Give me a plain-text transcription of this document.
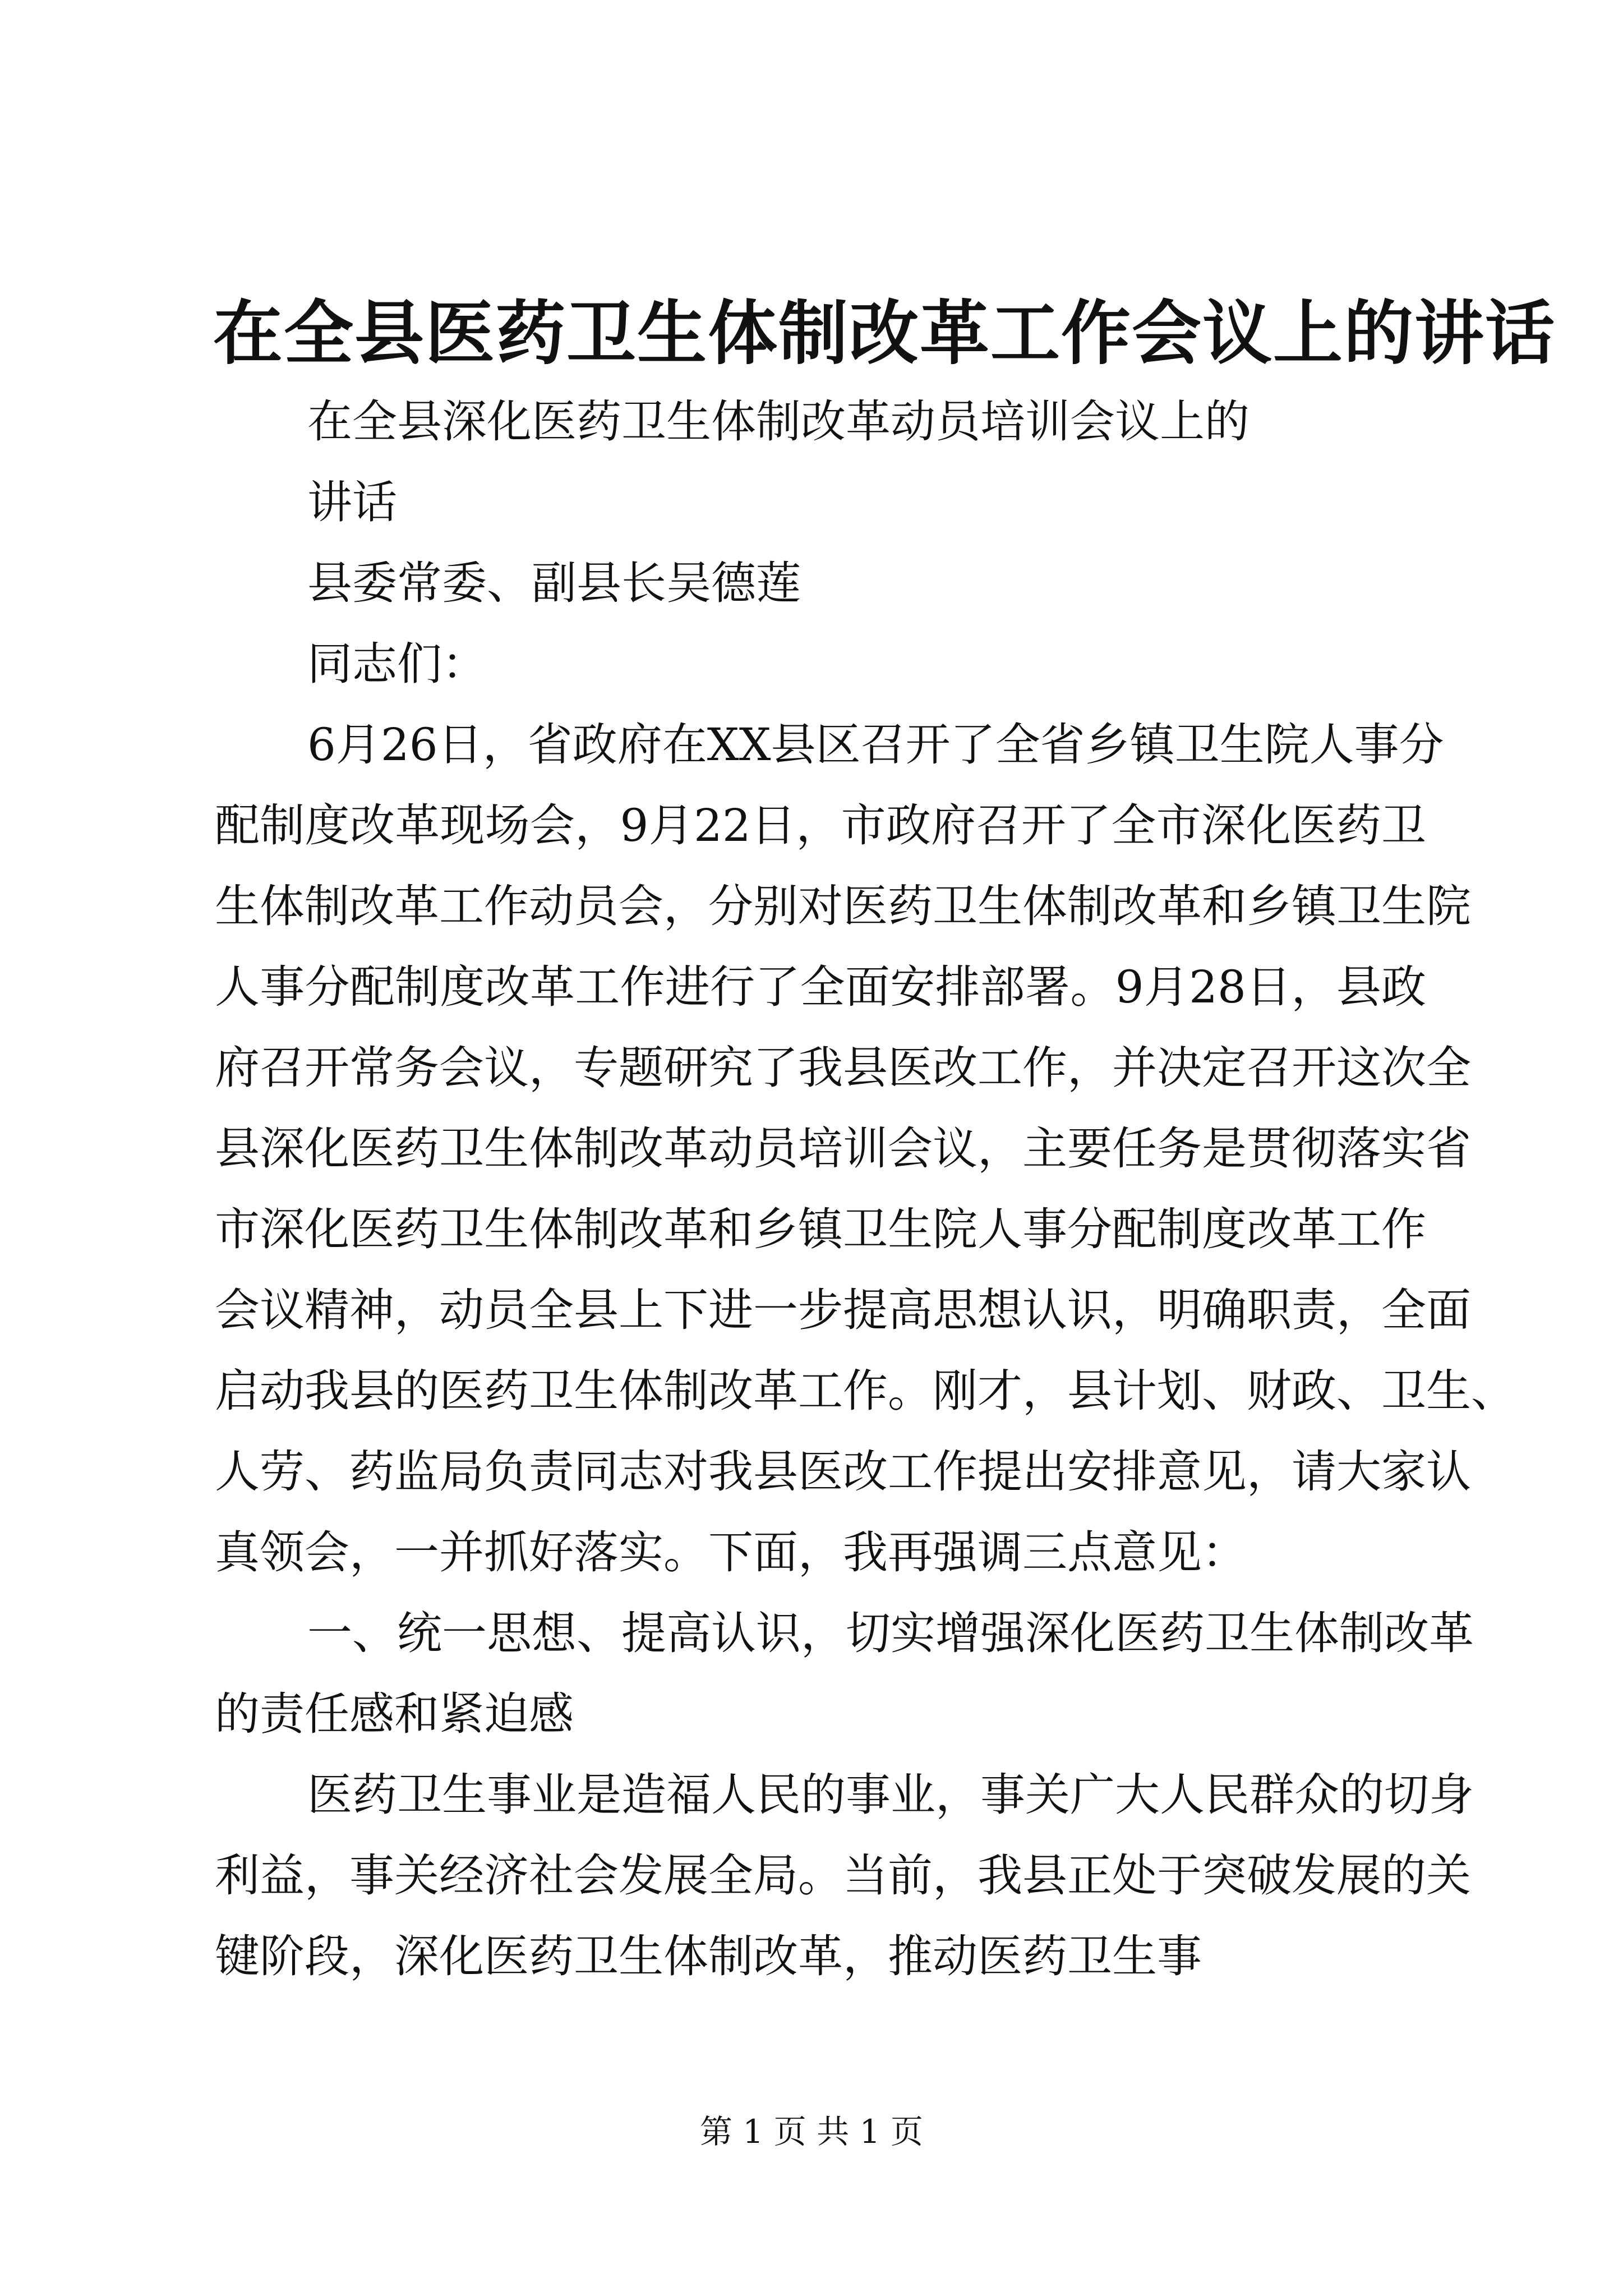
在全县医药卫生体制改革工作会议上的讲话

在全县深化医药卫生体制改革动员培训会议上的

讲话

县委常委、副县长吴德莲

同志们：

6月26日，省政府在XX县区召开了全省乡镇卫生院人事分

配制度改革现场会，9月22日，市政府召开了全市深化医药卫

生体制改革工作动员会，分别对医药卫生体制改革和乡镇卫生院

人事分配制度改革工作进行了全面安排部署。9月28日，县政

府召开常务会议，专题研究了我县医改工作，并决定召开这次全

县深化医药卫生体制改革动员培训会议，主要任务是贯彻落实省

市深化医药卫生体制改革和乡镇卫生院人事分配制度改革工作

会议精神，动员全县上下进一步提高思想认识，明确职责，全面

启动我县的医药卫生体制改革工作。刚才，县计划、财政、卫生、

人劳、药监局负责同志对我县医改工作提出安排意见，请大家认

真领会，一并抓好落实。下面，我再强调三点意见：

一、统一思想、提高认识，切实增强深化医药卫生体制改革

的责任感和紧迫感

医药卫生事业是造福人民的事业，事关广大人民群众的切身

利益，事关经济社会发展全局。当前，我县正处于突破发展的关

键阶段，深化医药卫生体制改革，推动医药卫生事

第 1 页 共 1 页
